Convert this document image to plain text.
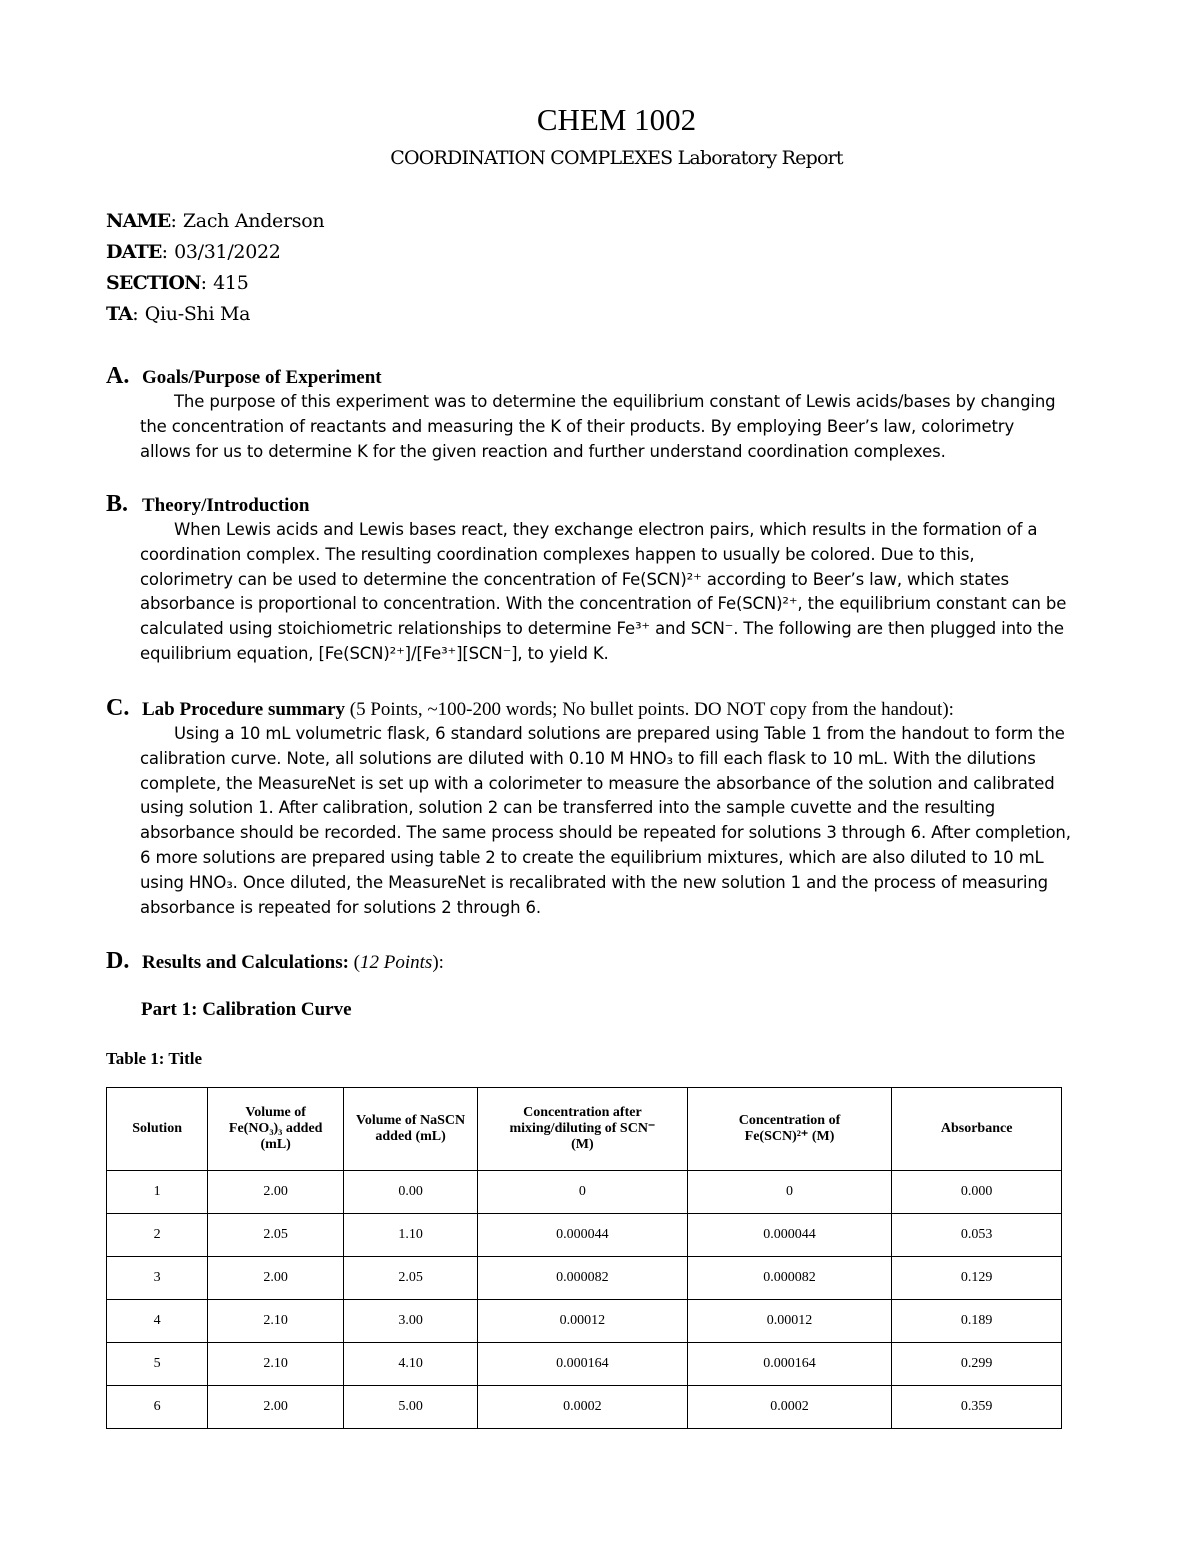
CHEM 1002
COORDINATION COMPLEXES Laboratory Report
NAME: Zach Anderson
DATE: 03/31/2022
SECTION: 415
TA: Qiu-Shi Ma
A. Goals/Purpose of Experiment
The purpose of this experiment was to determine the equilibrium constant of Lewis acids/bases by changing
the concentration of reactants and measuring the K of their products. By employing Beer’s law, colorimetry
allows for us to determine K for the given reaction and further understand coordination complexes.
B. Theory/Introduction
When Lewis acids and Lewis bases react, they exchange electron pairs, which results in the formation of a
coordination complex. The resulting coordination complexes happen to usually be colored. Due to this,
colorimetry can be used to determine the concentration of Fe(SCN)²⁺ according to Beer’s law, which states
absorbance is proportional to concentration. With the concentration of Fe(SCN)²⁺, the equilibrium constant can be
calculated using stoichiometric relationships to determine Fe³⁺ and SCN⁻. The following are then plugged into the
equilibrium equation, [Fe(SCN)²⁺]/[Fe³⁺][SCN⁻], to yield K.
C. Lab Procedure summary (5 Points, ~100-200 words; No bullet points. DO NOT copy from the handout):
Using a 10 mL volumetric flask, 6 standard solutions are prepared using Table 1 from the handout to form the
calibration curve. Note, all solutions are diluted with 0.10 M HNO₃ to fill each flask to 10 mL. With the dilutions
complete, the MeasureNet is set up with a colorimeter to measure the absorbance of the solution and calibrated
using solution 1. After calibration, solution 2 can be transferred into the sample cuvette and the resulting
absorbance should be recorded. The same process should be repeated for solutions 3 through 6. After completion,
6 more solutions are prepared using table 2 to create the equilibrium mixtures, which are also diluted to 10 mL
using HNO₃. Once diluted, the MeasureNet is recalibrated with the new solution 1 and the process of measuring
absorbance is repeated for solutions 2 through 6.
D. Results and Calculations: (12 Points):
Part 1: Calibration Curve
Table 1: Title
Solution	Volume of Fe(NO₃)₃ added (mL)	Volume of NaSCN added (mL)	Concentration after mixing/diluting of SCN⁻ (M)	Concentration of Fe(SCN)²⁺ (M)	Absorbance
1	2.00	0.00	0	0	0.000
2	2.05	1.10	0.000044	0.000044	0.053
3	2.00	2.05	0.000082	0.000082	0.129
4	2.10	3.00	0.00012	0.00012	0.189
5	2.10	4.10	0.000164	0.000164	0.299
6	2.00	5.00	0.0002	0.0002	0.359
